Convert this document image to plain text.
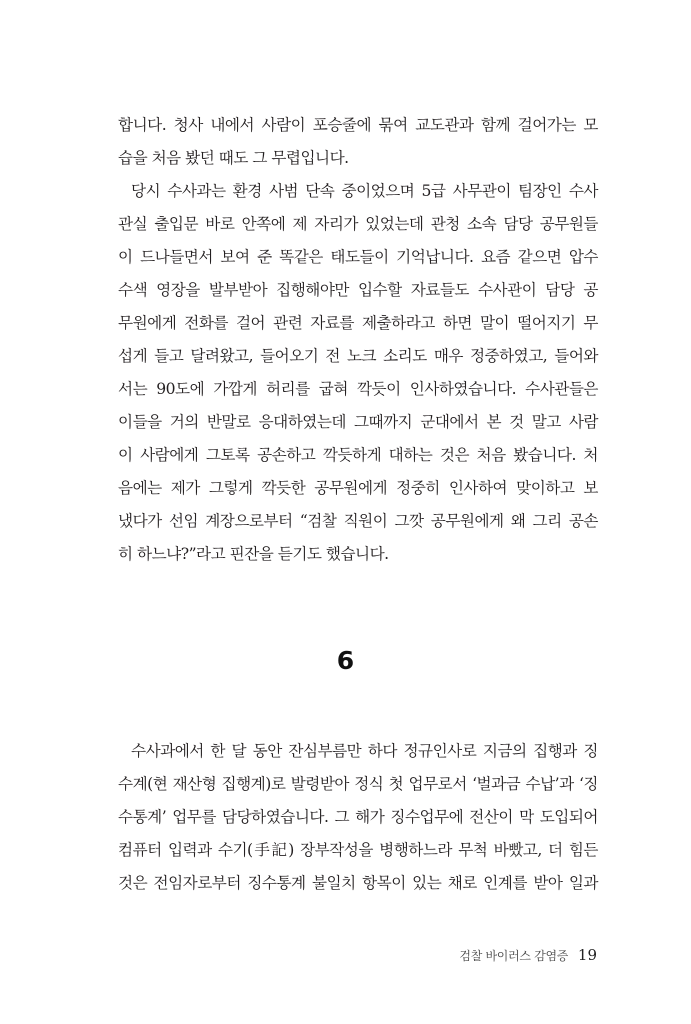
합니다. 청사 내에서 사람이 포승줄에 묶여 교도관과 함께 걸어가는 모
습을 처음 봤던 때도 그 무렵입니다.
당시 수사과는 환경 사범 단속 중이었으며 5급 사무관이 팀장인 수사
관실 출입문 바로 안쪽에 제 자리가 있었는데 관청 소속 담당 공무원들
이 드나들면서 보여 준 똑같은 태도들이 기억납니다. 요즘 같으면 압수
수색 영장을 발부받아 집행해야만 입수할 자료들도 수사관이 담당 공
무원에게 전화를 걸어 관련 자료를 제출하라고 하면 말이 떨어지기 무
섭게 들고 달려왔고, 들어오기 전 노크 소리도 매우 정중하였고, 들어와
서는 90도에 가깝게 허리를 굽혀 깍듯이 인사하였습니다. 수사관들은
이들을 거의 반말로 응대하였는데 그때까지 군대에서 본 것 말고 사람
이 사람에게 그토록 공손하고 깍듯하게 대하는 것은 처음 봤습니다. 처
음에는 제가 그렇게 깍듯한 공무원에게 정중히 인사하여 맞이하고 보
냈다가 선임 계장으로부터 “검찰 직원이 그깟 공무원에게 왜 그리 공손
히 하느냐?”라고 핀잔을 듣기도 했습니다.
6
수사과에서 한 달 동안 잔심부름만 하다 정규인사로 지금의 집행과 징
수계(현 재산형 집행계)로 발령받아 정식 첫 업무로서 ‘벌과금 수납’과 ‘징
수통계’ 업무를 담당하였습니다. 그 해가 징수업무에 전산이 막 도입되어
컴퓨터 입력과 수기(手記) 장부작성을 병행하느라 무척 바빴고, 더 힘든
것은 전임자로부터 징수통계 불일치 항목이 있는 채로 인계를 받아 일과
검찰 바이러스 감염증 19
